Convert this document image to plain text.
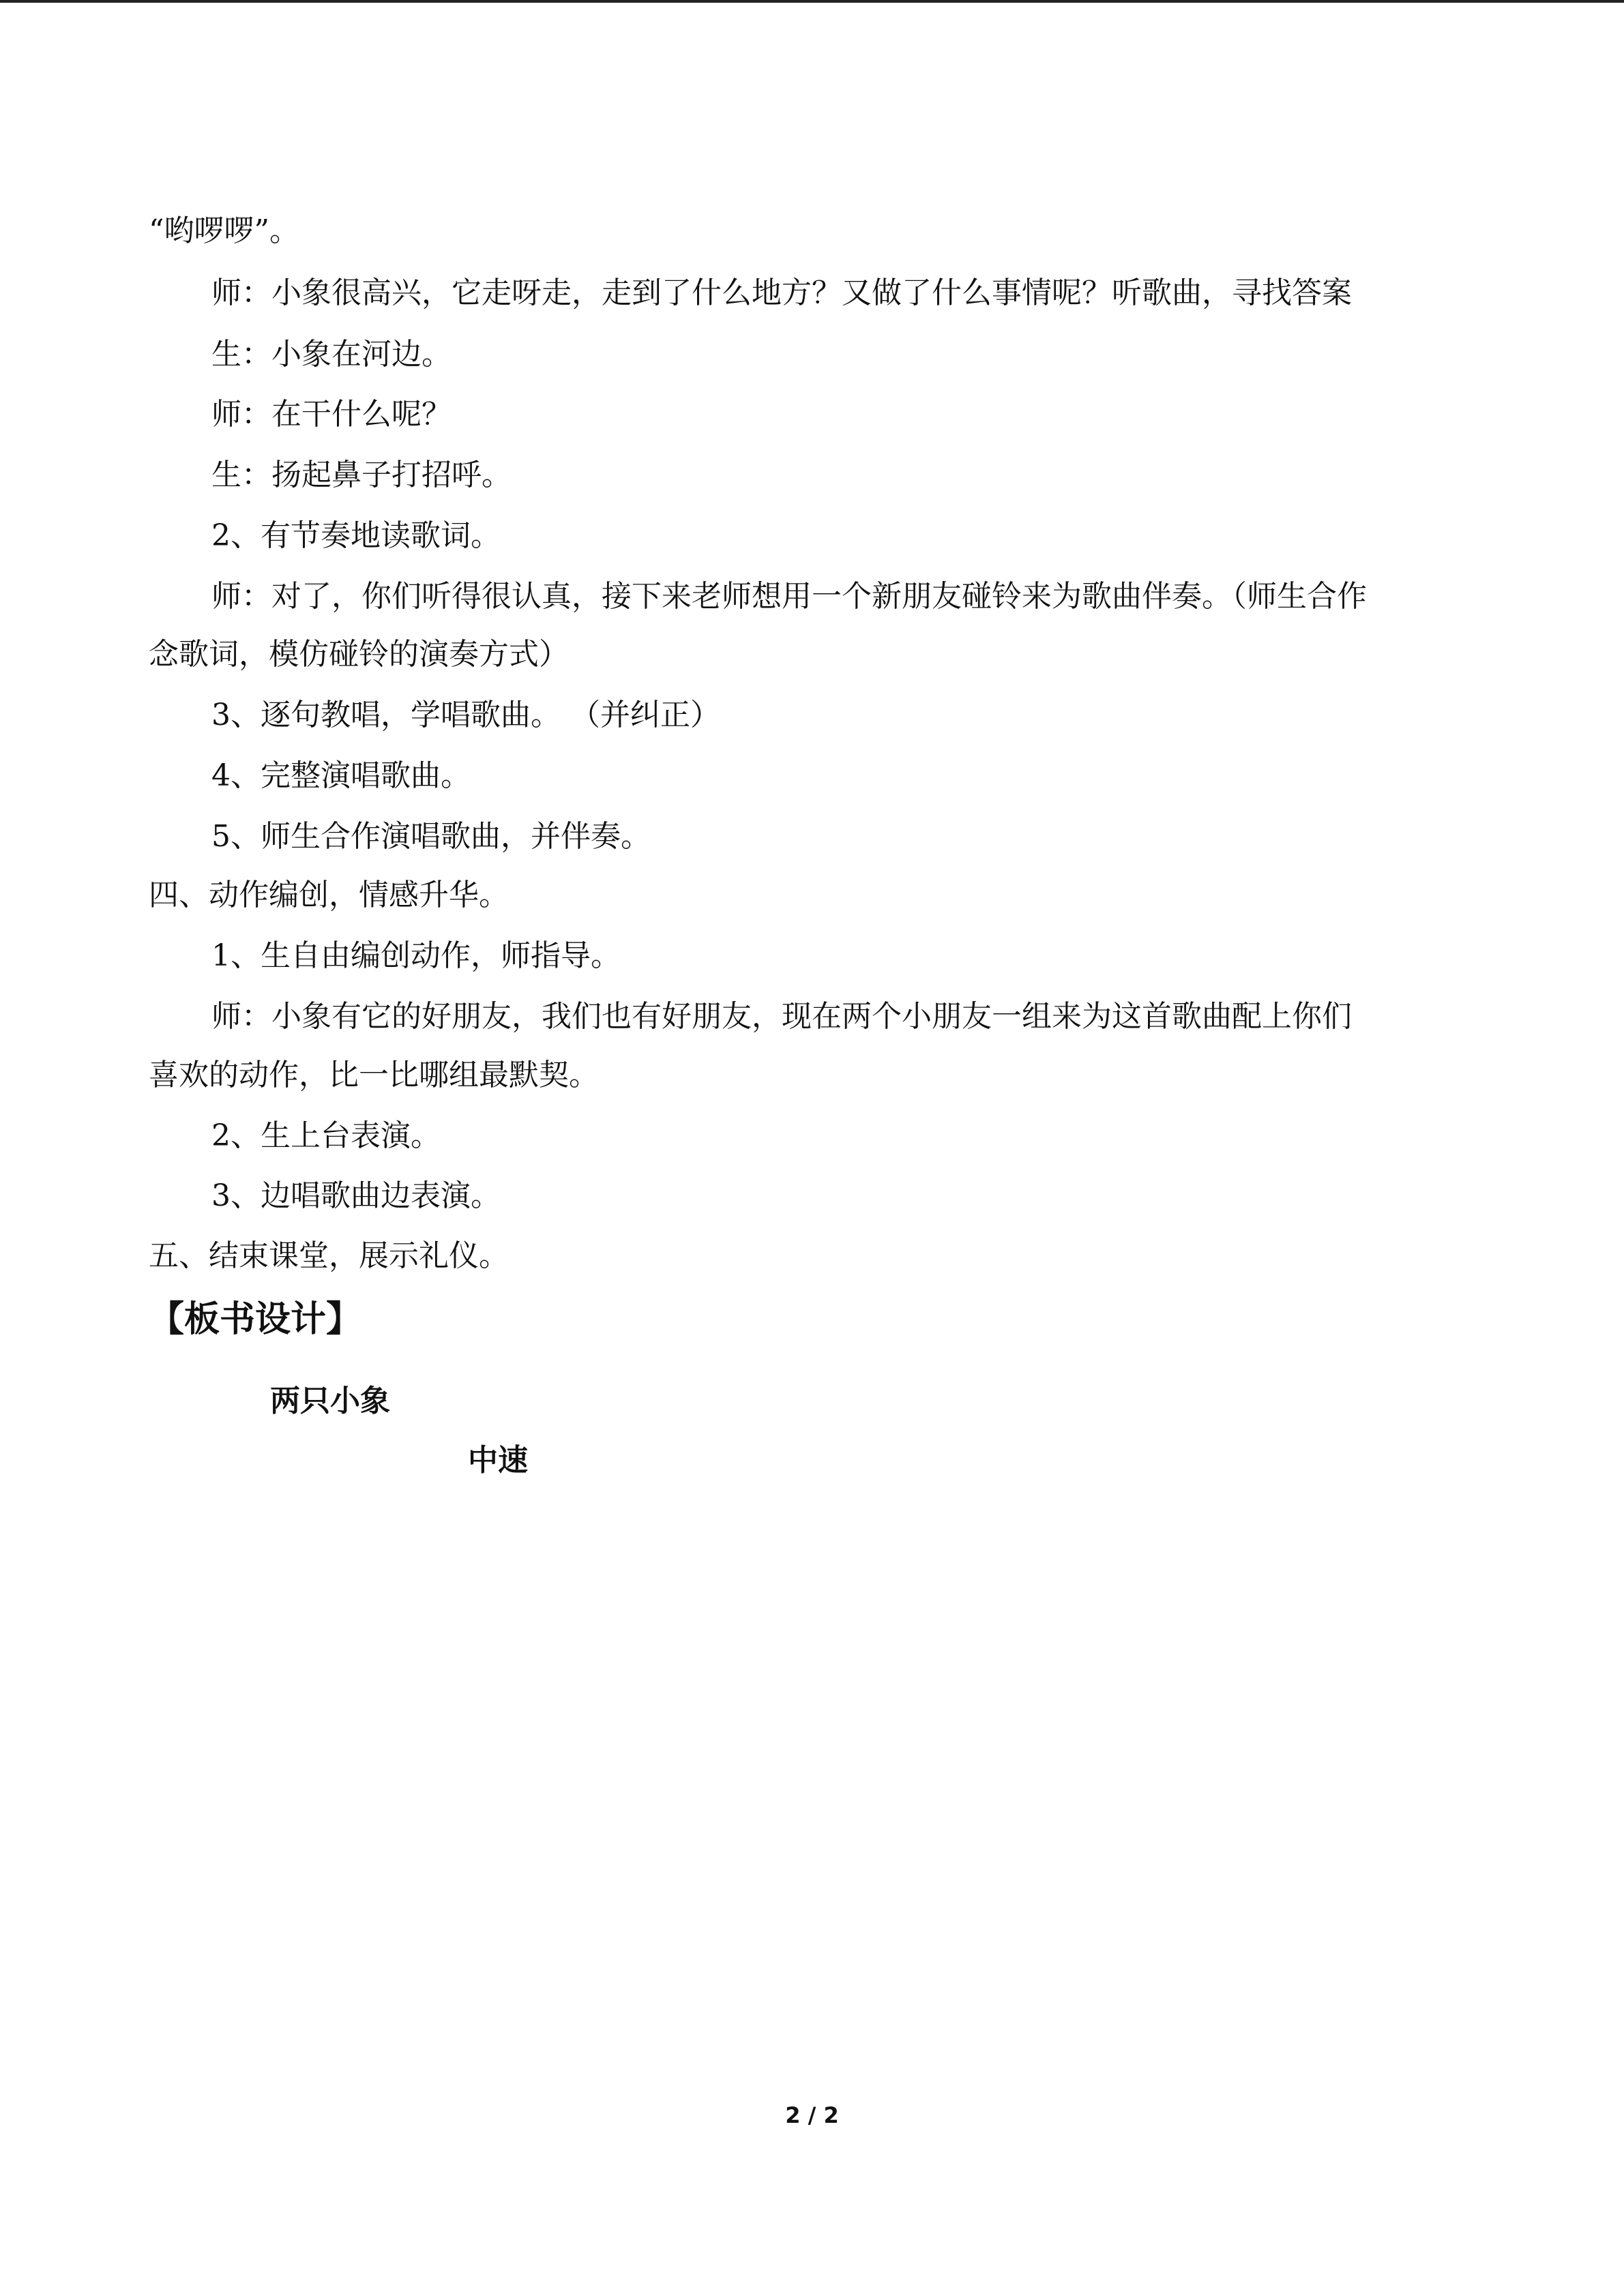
“哟啰啰”。
师：小象很高兴，它走呀走，走到了什么地方？又做了什么事情呢？听歌曲，寻找答案
生：小象在河边。
师：在干什么呢？
生：扬起鼻子打招呼。
2、有节奏地读歌词。
师：对了，你们听得很认真，接下来老师想用一个新朋友碰铃来为歌曲伴奏。（师生合作
念歌词，模仿碰铃的演奏方式）
3、逐句教唱，学唱歌曲。 （并纠正）
4、完整演唱歌曲。
5、师生合作演唱歌曲，并伴奏。
四、动作编创，情感升华。
1、生自由编创动作，师指导。
师：小象有它的好朋友，我们也有好朋友，现在两个小朋友一组来为这首歌曲配上你们
喜欢的动作，比一比哪组最默契。
2、生上台表演。
3、边唱歌曲边表演。
五、结束课堂，展示礼仪。
【板书设计】
两只小象
中速
2 / 2
